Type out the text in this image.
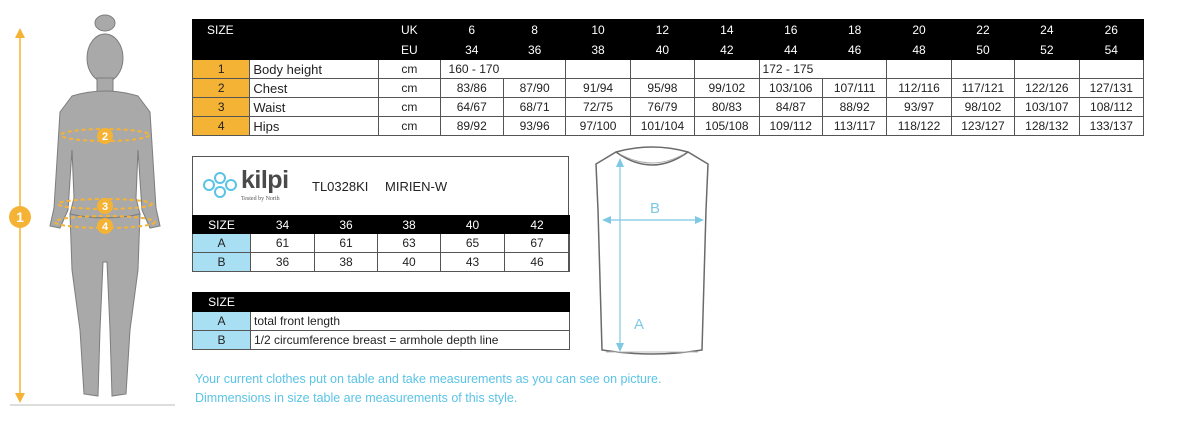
1
2
3
4
SIZE		UK	6	8	10	12	14	16	18	20	22	24	26
		EU	34	36	38	40	42	44	46	48	50	52	54
1	Body height	cm	160 - 170					172 - 175					
2	Chest	cm	83/86	87/90	91/94	95/98	99/102	103/106	107/111	112/116	117/121	122/126	127/131
3	Waist	cm	64/67	68/71	72/75	76/79	80/83	84/87	88/92	93/97	98/102	103/107	108/112
4	Hips	cm	89/92	93/96	97/100	101/104	105/108	109/112	113/117	118/122	123/127	128/132	133/137
kilpi
Tested by North
TL0328KI MIRIEN-W
SIZE	34	36	38	40	42
A	61	61	63	65	67
B	36	38	40	43	46
SIZE	
A	total front length
B	1/2 circumference breast = armhole depth line
A
B
Your current clothes put on table and take measurements as you can see on picture.
Dimmensions in size table are measurements of this style.
